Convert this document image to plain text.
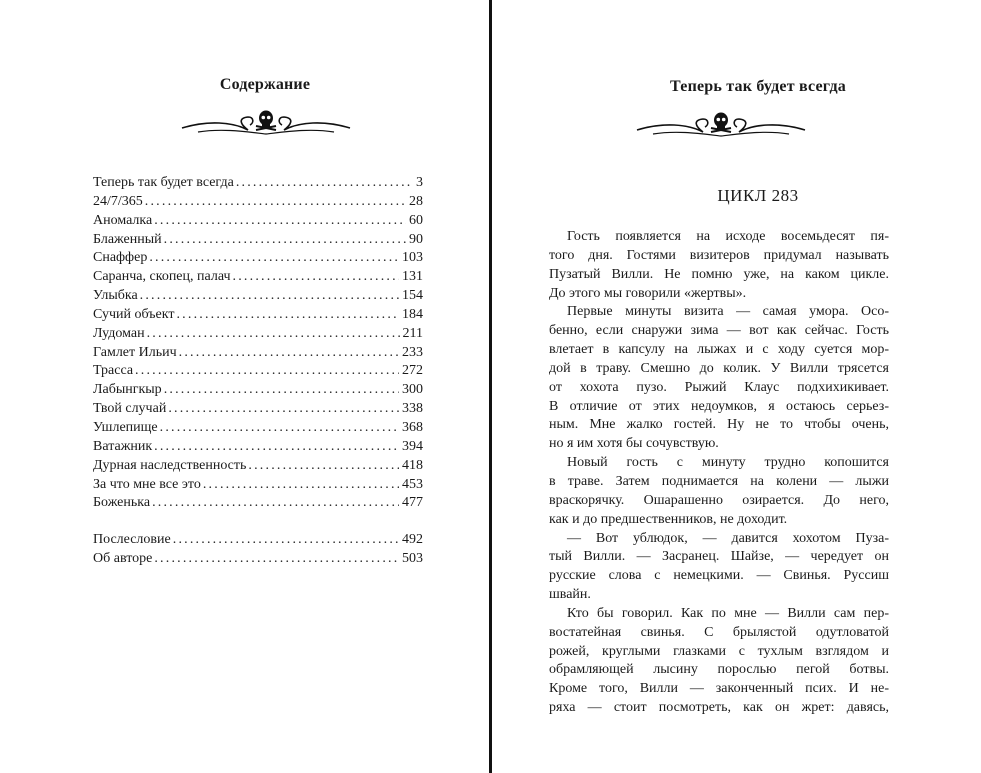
Содержание
Теперь так будет всегда .....	3
24/7/365 .....	28
Аномалка .....	60
Блаженный .....	90
Снаффер .....	103
Саранча, скопец, палач .....	131
Улыбка .....	154
Сучий объект .....	184
Лудоман .....	211
Гамлет Ильич .....	233
Трасса .....	272
Лабынгкыр .....	300
Твой случай .....	338
Ушлепище .....	368
Ватажник .....	394
Дурная наследственность .....	418
За что мне все это .....	453
Боженька .....	477
Послесловие .....	492
Об авторе .....	503
Теперь так будет всегда
ЦИКЛ 283

Гость появляется на исходе восемьдесят пя-
того дня. Гостями визитеров придумал называть
Пузатый Вилли. Не помню уже, на каком цикле.
До этого мы говорили «жертвы».

Первые минуты визита — самая умора. Осо-
бенно, если снаружи зима — вот как сейчас. Гость
влетает в капсулу на лыжах и с ходу суется мор-
дой в траву. Смешно до колик. У Вилли трясется
от хохота пузо. Рыжий Клаус подхихикивает.
В отличие от этих недоумков, я остаюсь серьез-
ным. Мне жалко гостей. Ну не то чтобы очень,
но я им хотя бы сочувствую.

Новый гость с минуту трудно копошится
в траве. Затем поднимается на колени — лыжи
враскорячку. Ошарашенно озирается. До него,
как и до предшественников, не доходит.

— Вот ублюдок, — давится хохотом Пуза-
тый Вилли. — Засранец. Шайзе, — чередует он
русские слова с немецкими. — Свинья. Руссиш
швайн.

Кто бы говорил. Как по мне — Вилли сам пер-
востатейная свинья. С брылястой одутловатой
рожей, круглыми глазками с тухлым взглядом и
обрамляющей лысину порослью пегой ботвы.
Кроме того, Вилли — законченный псих. И не-
ряха — стоит посмотреть, как он жрет: давясь,
